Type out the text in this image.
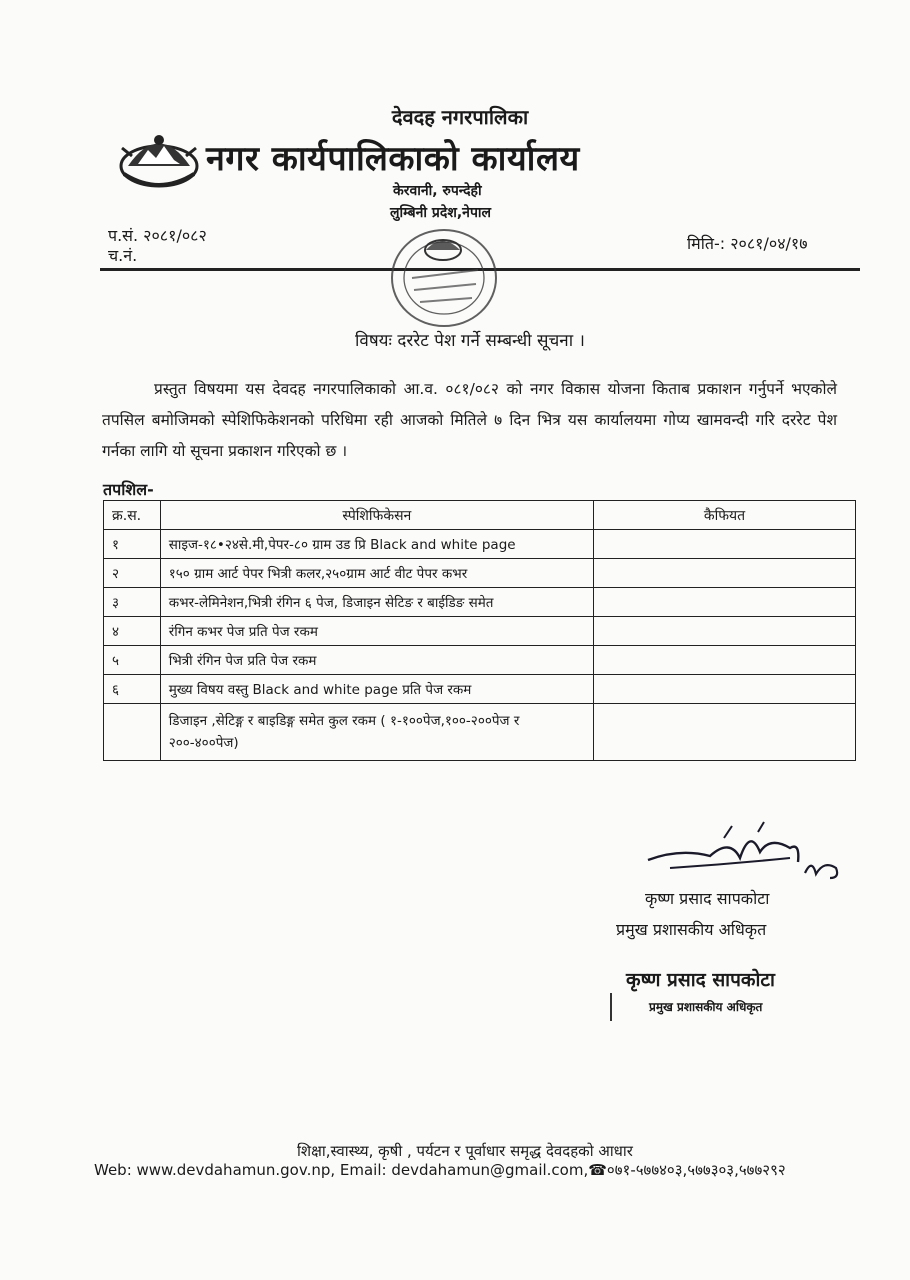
देवदह नगरपालिका
नगर कार्यपालिकाको कार्यालय
केरवानी, रुपन्देही
लुम्बिनी प्रदेश,नेपाल
प.सं. २०८१/०८२
च.नं.
मिति-: २०८१/०४/१७
विषयः दररेट पेश गर्ने सम्बन्धी सूचना ।
प्रस्तुत विषयमा यस देवदह नगरपालिकाको आ.व. ०८१/०८२ को नगर विकास योजना किताब प्रकाशन गर्नुपर्ने भएकोले तपसिल बमोजिमको स्पेशिफिकेशनको परिधिमा रही आजको मितिले ७ दिन भित्र यस कार्यालयमा गोप्य खामवन्दी गरि दररेट पेश गर्नका लागि यो सूचना प्रकाशन गरिएको छ ।
तपशिल-
क्र.स.	स्पेशिफिकेसन	कैफियत
१	साइज-१८•२४से.मी,पेपर-८० ग्राम उड प्रि Black and white page	
२	१५० ग्राम आर्ट पेपर भित्री कलर,२५०ग्राम आर्ट वीट पेपर कभर	
३	कभर-लेमिनेशन,भित्री रंगिन ६ पेज, डिजाइन सेटिङ र बाईडिङ समेत	
४	रंगिन कभर पेज प्रति पेज रकम	
५	भित्री रंगिन पेज प्रति पेज रकम	
६	मुख्य विषय वस्तु Black and white page प्रति पेज रकम	
	डिजाइन ,सेटिङ्ग र बाइडिङ्ग समेत कुल रकम ( १-१००पेज,१००-२००पेज र २००-४००पेज)	
कृष्ण प्रसाद सापकोटा
प्रमुख प्रशासकीय अधिकृत
कृष्ण प्रसाद सापकोटा
प्रमुख प्रशासकीय अधिकृत
शिक्षा,स्वास्थ्य, कृषी , पर्यटन र पूर्वाधार समृद्ध देवदहको आधार
Web: www.devdahamun.gov.np, Email: devdahamun@gmail.com,☎०७१-५७७४०३,५७७३०३,५७७२९२
